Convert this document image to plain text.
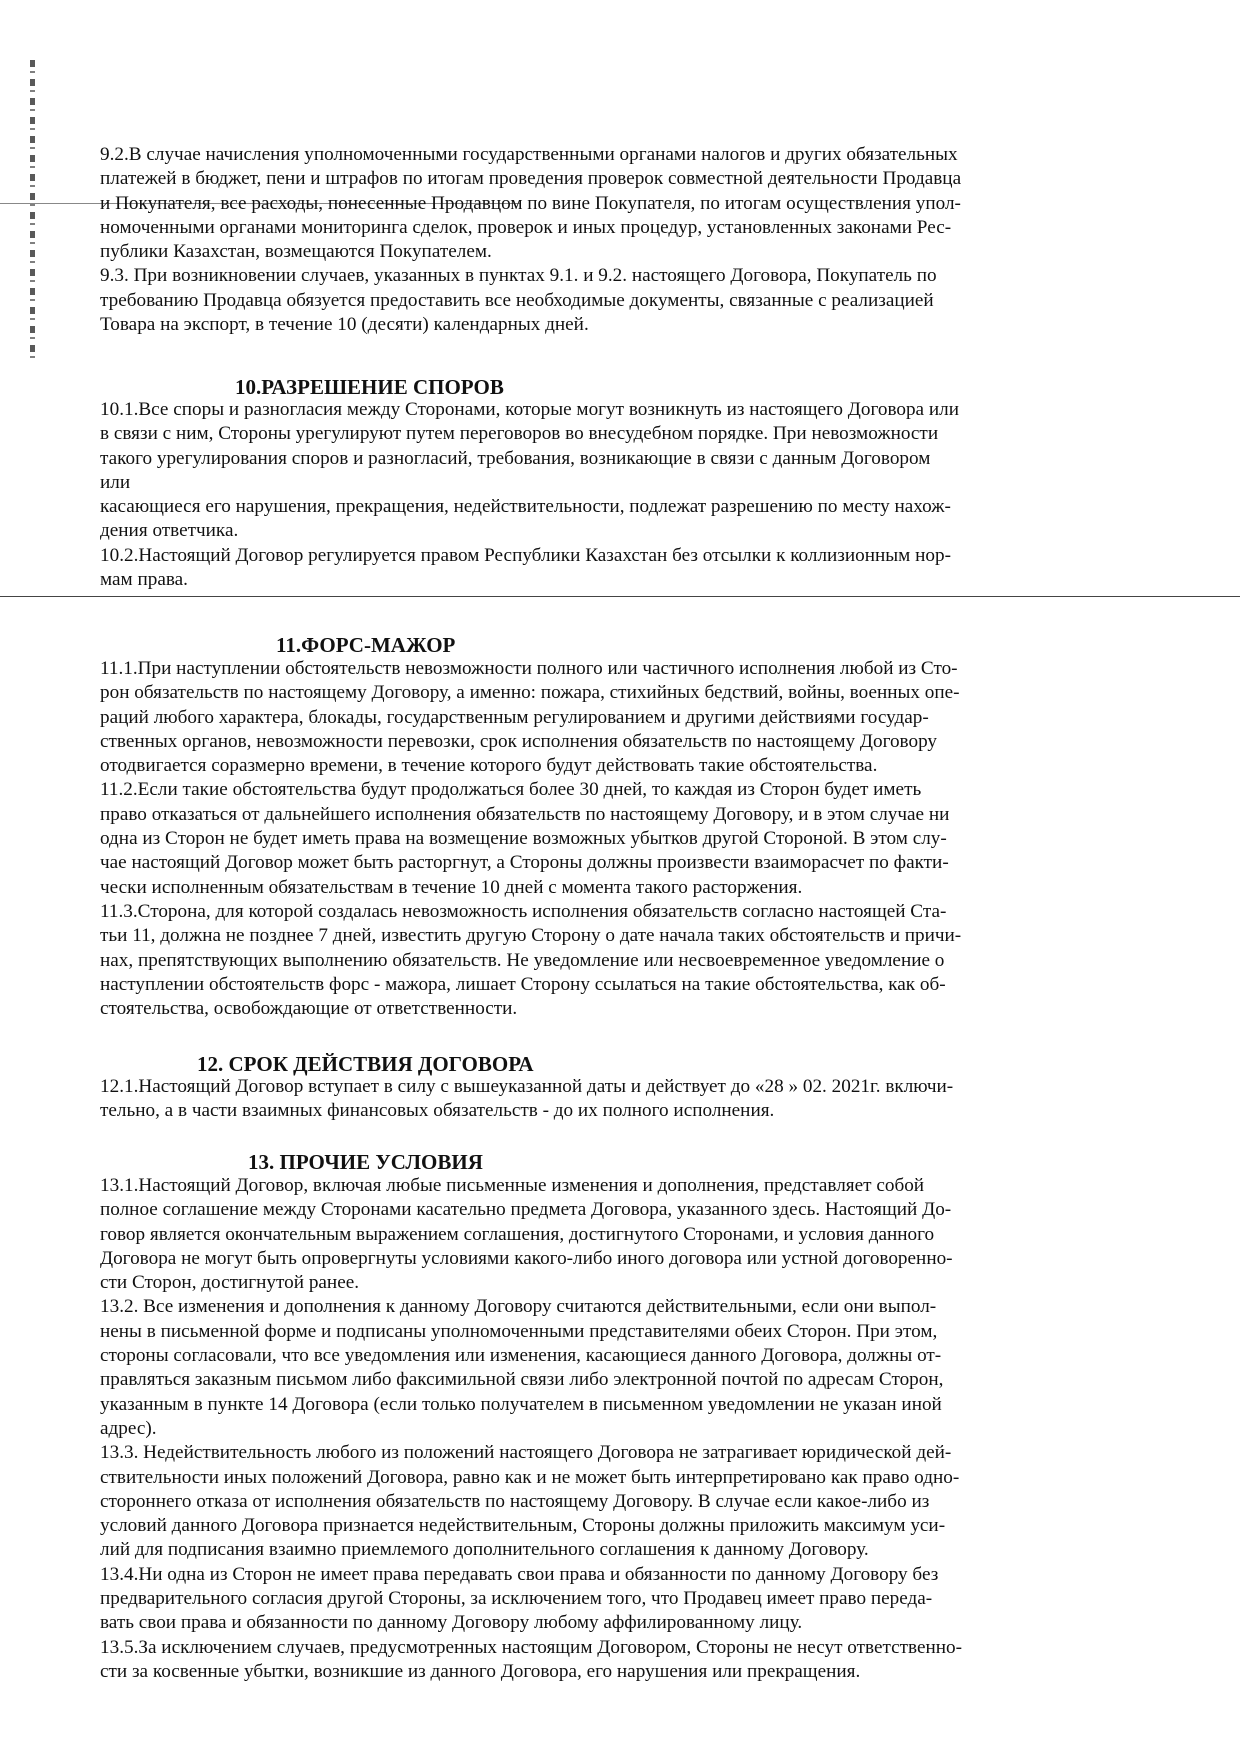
9.2.В случае начисления уполномоченными государственными органами налогов и других обязательных
платежей в бюджет, пени и штрафов по итогам проведения проверок совместной деятельности Продавца
и Покупателя, все расходы, понесенные Продавцом по вине Покупателя, по итогам осуществления упол-
номоченными органами мониторинга сделок, проверок и иных процедур, установленных законами Рес-
публики Казахстан, возмещаются Покупателем.
9.3. При возникновении случаев, указанных в пунктах 9.1. и 9.2. настоящего Договора, Покупатель по
требованию Продавца обязуется предоставить все необходимые документы, связанные с реализацией
Товара на экспорт, в течение 10 (десяти) календарных дней.
10.РАЗРЕШЕНИЕ СПОРОВ
10.1.Все споры и разногласия между Сторонами, которые могут возникнуть из настоящего Договора или
в связи с ним, Стороны урегулируют путем переговоров во внесудебном порядке. При невозможности
такого урегулирования споров и разногласий, требования, возникающие в связи с данным Договором
или
касающиеся его нарушения, прекращения, недействительности, подлежат разрешению по месту нахож-
дения ответчика.
10.2.Настоящий Договор регулируется правом Республики Казахстан без отсылки к коллизионным нор-
мам права.
11.ФОРС-МАЖОР
11.1.При наступлении обстоятельств невозможности полного или частичного исполнения любой из Сто-
рон обязательств по настоящему Договору, а именно: пожара, стихийных бедствий, войны, военных опе-
раций любого характера, блокады, государственным регулированием и другими действиями государ-
ственных органов, невозможности перевозки, срок исполнения обязательств по настоящему Договору
отодвигается соразмерно времени, в течение которого будут действовать такие обстоятельства.
11.2.Если такие обстоятельства будут продолжаться более 30 дней, то каждая из Сторон будет иметь
право отказаться от дальнейшего исполнения обязательств по настоящему Договору, и в этом случае ни
одна из Сторон не будет иметь права на возмещение возможных убытков другой Стороной. В этом слу-
чае настоящий Договор может быть расторгнут, а Стороны должны произвести взаиморасчет по факти-
чески исполненным обязательствам в течение 10 дней с момента такого расторжения.
11.3.Сторона, для которой создалась невозможность исполнения обязательств согласно настоящей Ста-
тьи 11, должна не позднее 7 дней, известить другую Сторону о дате начала таких обстоятельств и причи-
нах, препятствующих выполнению обязательств. Не уведомление или несвоевременное уведомление о
наступлении обстоятельств форс - мажора, лишает Сторону ссылаться на такие обстоятельства, как об-
стоятельства, освобождающие от ответственности.
12. СРОК ДЕЙСТВИЯ ДОГОВОРА
12.1.Настоящий Договор вступает в силу с вышеуказанной даты и действует до «28 » 02. 2021г. включи-
тельно, а в части взаимных финансовых обязательств - до их полного исполнения.
13. ПРОЧИЕ УСЛОВИЯ
13.1.Настоящий Договор, включая любые письменные изменения и дополнения, представляет собой
полное соглашение между Сторонами касательно предмета Договора, указанного здесь. Настоящий До-
говор является окончательным выражением соглашения, достигнутого Сторонами, и условия данного
Договора не могут быть опровергнуты условиями какого-либо иного договора или устной договоренно-
сти Сторон, достигнутой ранее.
13.2. Все изменения и дополнения к данному Договору считаются действительными, если они выпол-
нены в письменной форме и подписаны уполномоченными представителями обеих Сторон. При этом,
стороны согласовали, что все уведомления или изменения, касающиеся данного Договора, должны от-
правляться заказным письмом либо факсимильной связи либо электронной почтой по адресам Сторон,
указанным в пункте 14 Договора (если только получателем в письменном уведомлении не указан иной
адрес).
13.3. Недействительность любого из положений настоящего Договора не затрагивает юридической дей-
ствительности иных положений Договора, равно как и не может быть интерпретировано как право одно-
стороннего отказа от исполнения обязательств по настоящему Договору. В случае если какое-либо из
условий данного Договора признается недействительным, Стороны должны приложить максимум уси-
лий для подписания взаимно приемлемого дополнительного соглашения к данному Договору.
13.4.Ни одна из Сторон не имеет права передавать свои права и обязанности по данному Договору без
предварительного согласия другой Стороны, за исключением того, что Продавец имеет право переда-
вать свои права и обязанности по данному Договору любому аффилированному лицу.
13.5.За исключением случаев, предусмотренных настоящим Договором, Стороны не несут ответственно-
сти за косвенные убытки, возникшие из данного Договора, его нарушения или прекращения.
